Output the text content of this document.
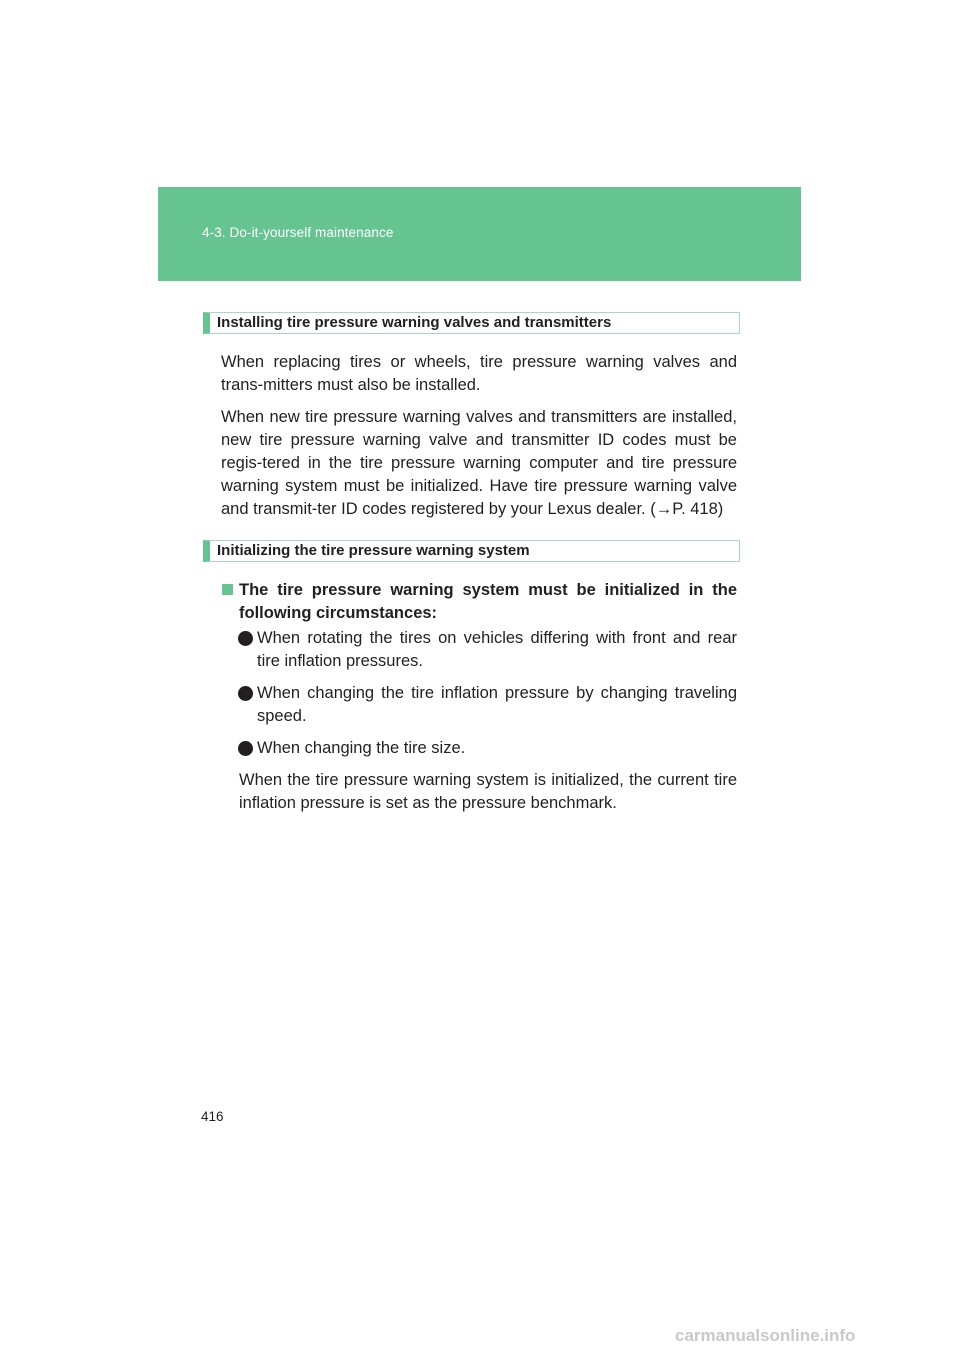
4-3. Do-it-yourself maintenance
Installing tire pressure warning valves and transmitters

When replacing tires or wheels, tire pressure warning valves and trans-mitters must also be installed.

When new tire pressure warning valves and transmitters are installed, new tire pressure warning valve and transmitter ID codes must be regis-tered in the tire pressure warning computer and tire pressure warning system must be initialized. Have tire pressure warning valve and transmit-ter ID codes registered by your Lexus dealer. (→P. 418)

Initializing the tire pressure warning system

The tire pressure warning system must be initialized in the following circumstances:

When rotating the tires on vehicles differing with front and rear tire inflation pressures.

When changing the tire inflation pressure by changing traveling speed.

When changing the tire size.

When the tire pressure warning system is initialized, the current tire inflation pressure is set as the pressure benchmark.

416
carmanualsonline.info
